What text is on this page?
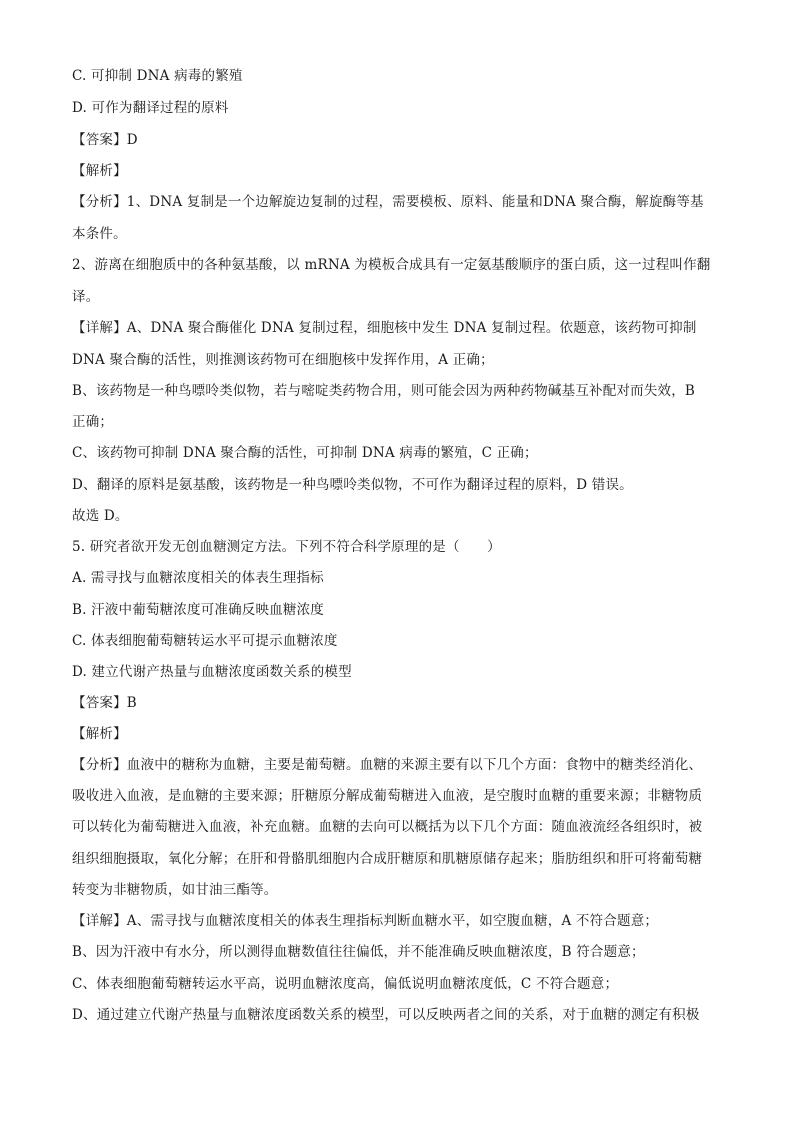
C. 可抑制 DNA 病毒的繁殖
D. 可作为翻译过程的原料
【答案】D
【解析】
【分析】1、DNA 复制是一个边解旋边复制的过程，需要模板、原料、能量和DNA 聚合酶，解旋酶等基
本条件。
2、游离在细胞质中的各种氨基酸，以 mRNA 为模板合成具有一定氨基酸顺序的蛋白质，这一过程叫作翻
译。
【详解】A、DNA 聚合酶催化 DNA 复制过程，细胞核中发生 DNA 复制过程。依题意，该药物可抑制
DNA 聚合酶的活性，则推测该药物可在细胞核中发挥作用，A 正确；
B、该药物是一种鸟嘌呤类似物，若与嘧啶类药物合用，则可能会因为两种药物碱基互补配对而失效，B
正确；
C、该药物可抑制 DNA 聚合酶的活性，可抑制 DNA 病毒的繁殖，C 正确；
D、翻译的原料是氨基酸，该药物是一种鸟嘌呤类似物，不可作为翻译过程的原料，D 错误。
故选 D。
5. 研究者欲开发无创血糖测定方法。下列不符合科学原理的是（　　）
A. 需寻找与血糖浓度相关的体表生理指标
B. 汗液中葡萄糖浓度可准确反映血糖浓度
C. 体表细胞葡萄糖转运水平可提示血糖浓度
D. 建立代谢产热量与血糖浓度函数关系的模型
【答案】B
【解析】
【分析】血液中的糖称为血糖，主要是葡萄糖。血糖的来源主要有以下几个方面：食物中的糖类经消化、
吸收进入血液，是血糖的主要来源；肝糖原分解成葡萄糖进入血液，是空腹时血糖的重要来源；非糖物质
可以转化为葡萄糖进入血液，补充血糖。血糖的去向可以概括为以下几个方面：随血液流经各组织时，被
组织细胞摄取，氧化分解；在肝和骨骼肌细胞内合成肝糖原和肌糖原储存起来；脂肪组织和肝可将葡萄糖
转变为非糖物质，如甘油三酯等。
【详解】A、需寻找与血糖浓度相关的体表生理指标判断血糖水平，如空腹血糖，A 不符合题意；
B、因为汗液中有水分，所以测得血糖数值往往偏低，并不能准确反映血糖浓度，B 符合题意；
C、体表细胞葡萄糖转运水平高，说明血糖浓度高，偏低说明血糖浓度低，C 不符合题意；
D、通过建立代谢产热量与血糖浓度函数关系的模型，可以反映两者之间的关系，对于血糖的测定有积极
